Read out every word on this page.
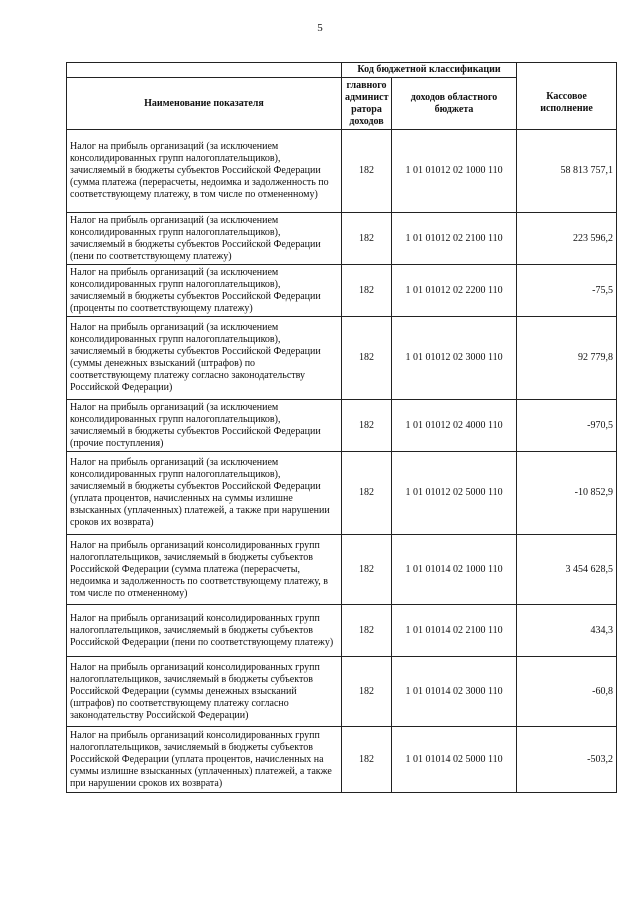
5
	Код бюджетной классификации		
Наименование показателя	главного админист ратора доходов	доходов областного бюджета	Кассовое исполнение
Налог на прибыль организаций (за исключением консолидированных групп налогоплательщиков), зачисляемый в бюджеты субъектов Российской Федерации (сумма платежа (перерасчеты, недоимка и задолженность по соответствующему платежу, в том числе по отмененному)	182	1 01 01012 02 1000 110	58 813 757,1
Налог на прибыль организаций (за исключением консолидированных групп налогоплательщиков), зачисляемый в бюджеты субъектов Российской Федерации (пени по соответствующему платежу)	182	1 01 01012 02 2100 110	223 596,2
Налог на прибыль организаций (за исключением консолидированных групп налогоплательщиков), зачисляемый в бюджеты субъектов Российской Федерации (проценты по соответствующему платежу)	182	1 01 01012 02 2200 110	-75,5
Налог на прибыль организаций (за исключением консолидированных групп налогоплательщиков), зачисляемый в бюджеты субъектов Российской Федерации (суммы денежных взысканий (штрафов) по соответствующему платежу согласно законодательству Российской Федерации)	182	1 01 01012 02 3000 110	92 779,8
Налог на прибыль организаций (за исключением консолидированных групп налогоплательщиков), зачисляемый в бюджеты субъектов Российской Федерации (прочие поступления)	182	1 01 01012 02 4000 110	-970,5
Налог на прибыль организаций (за исключением консолидированных групп налогоплательщиков), зачисляемый в бюджеты субъектов Российской Федерации (уплата процентов, начисленных на суммы излишне взысканных (уплаченных) платежей, а также при нарушении сроков их возврата)	182	1 01 01012 02 5000 110	-10 852,9
Налог на прибыль организаций консолидированных групп налогоплательщиков, зачисляемый в бюджеты субъектов Российской Федерации (сумма платежа (перерасчеты, недоимка и задолженность по соответствующему платежу, в том числе по отмененному)	182	1 01 01014 02 1000 110	3 454 628,5
Налог на прибыль организаций консолидированных групп налогоплательщиков, зачисляемый в бюджеты субъектов Российской Федерации (пени по соответствующему платежу)	182	1 01 01014 02 2100 110	434,3
Налог на прибыль организаций консолидированных групп налогоплательщиков, зачисляемый в бюджеты субъектов Российской Федерации (суммы денежных взысканий (штрафов) по соответствующему платежу согласно законодательству Российской Федерации)	182	1 01 01014 02 3000 110	-60,8
Налог на прибыль организаций консолидированных групп налогоплательщиков, зачисляемый в бюджеты субъектов Российской Федерации (уплата процентов, начисленных на суммы излишне взысканных (уплаченных) платежей, а также при нарушении сроков их возврата)	182	1 01 01014 02 5000 110	-503,2
